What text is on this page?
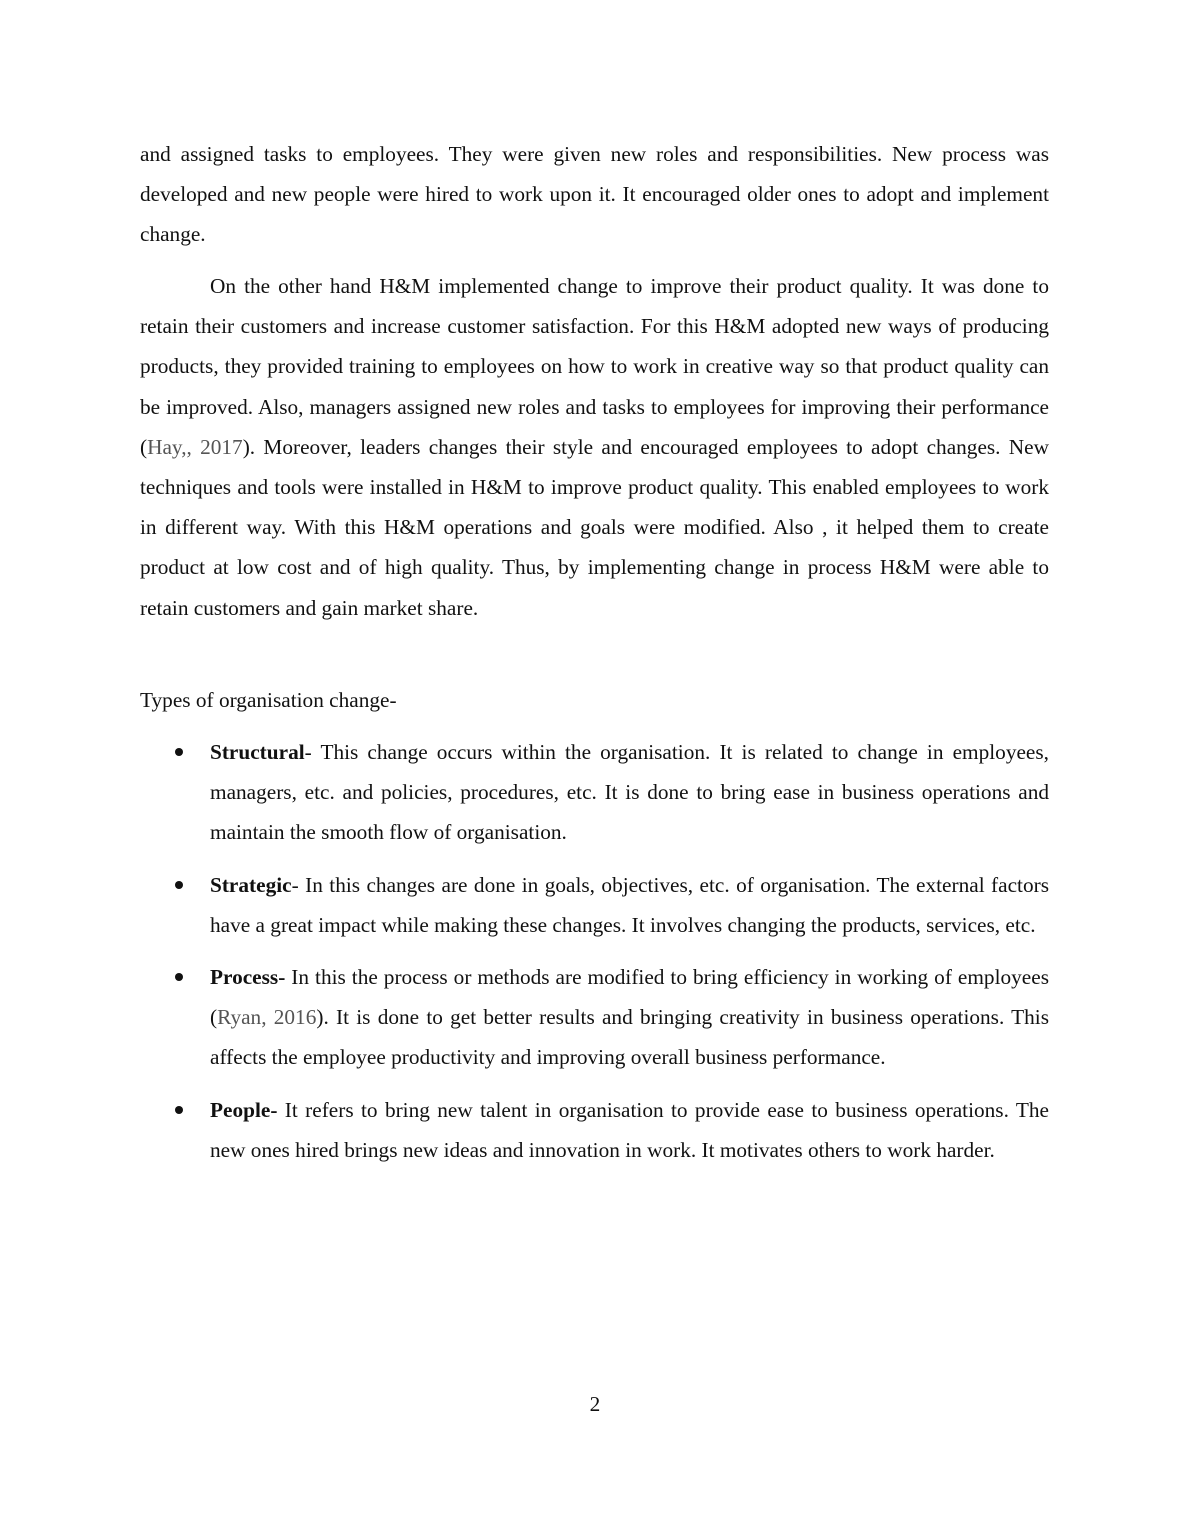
and assigned tasks to employees. They were given new roles and responsibilities. New process was developed and new people were hired to work upon it. It encouraged older ones to adopt and implement change.

On the other hand H&M implemented change to improve their product quality. It was done to retain their customers and increase customer satisfaction. For this H&M adopted new ways of producing products, they provided training to employees on how to work in creative way so that product quality can be improved. Also, managers assigned new roles and tasks to employees for improving their performance (Hay,, 2017). Moreover, leaders changes their style and encouraged employees to adopt changes. New techniques and tools were installed in H&M to improve product quality. This enabled employees to work in different way. With this H&M operations and goals were modified. Also , it helped them to create product at low cost and of high quality. Thus, by implementing change in process H&M were able to retain customers and gain market share.

Types of organisation change-

Structural- This change occurs within the organisation. It is related to change in employees, managers, etc. and policies, procedures, etc. It is done to bring ease in business operations and maintain the smooth flow of organisation.
Strategic- In this changes are done in goals, objectives, etc. of organisation. The external factors have a great impact while making these changes. It involves changing the products, services, etc.
Process- In this the process or methods are modified to bring efficiency in working of employees (Ryan, 2016). It is done to get better results and bringing creativity in business operations. This affects the employee productivity and improving overall business performance.
People- It refers to bring new talent in organisation to provide ease to business operations. The new ones hired brings new ideas and innovation in work. It motivates others to work harder.
2
